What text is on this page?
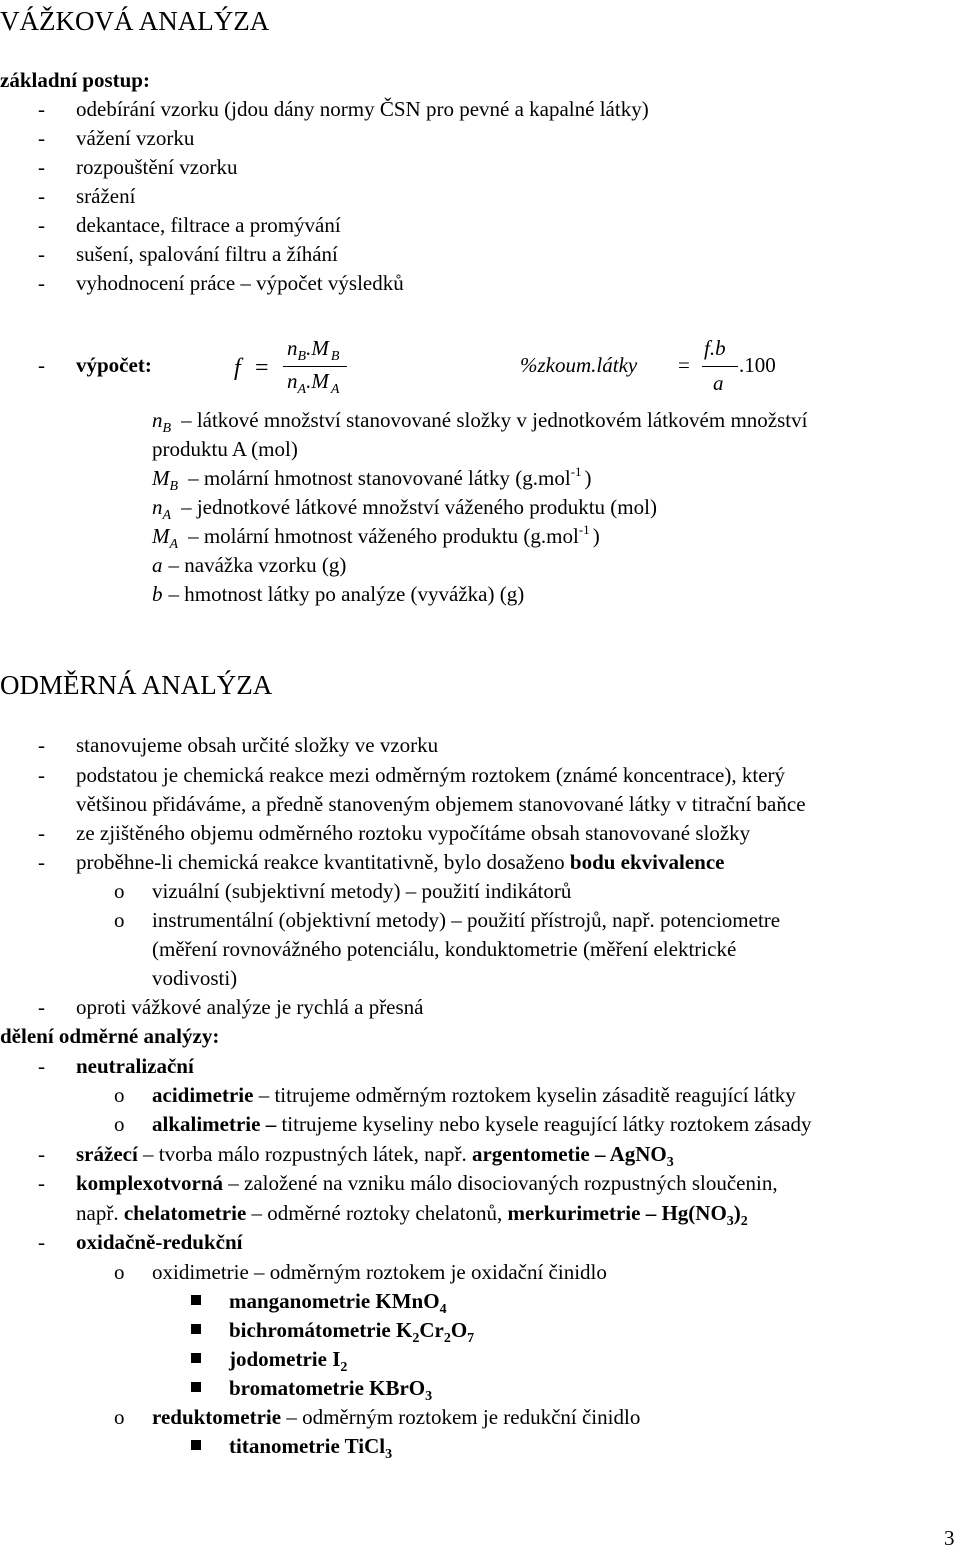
VÁŽKOVÁ ANALÝZA
základní postup:
- odebírání vzorku (jdou dány normy ČSN pro pevné a kapalné látky)
- vážení vzorku
- rozpouštění vzorku
- srážení
- dekantace, filtrace a promývání
- sušení, spalování filtru a žíhání
- vyhodnocení práce – výpočet výsledků
- výpočet:	f =
$n_B.M$ $_B$
$n_A.M$ $_A$
%zkoum.látky =
f.b
a
.100
$n_B$ – látkové množství stanovované složky v jednotkovém látkovém množství
produktu A (mol)
$M_B$ – molární hmotnost stanovované látky (g.mol$^{-1}$ )
$n_A$ – jednotkové látkové množství váženého produktu (mol)
$M_A$ – molární hmotnost váženého produktu (g.mol$^{-1}$ )
a – navážka vzorku (g)
b – hmotnost látky po analýze (vyvážka) (g)
ODMĚRNÁ ANALÝZA
- stanovujeme obsah určité složky ve vzorku
- podstatou je chemická reakce mezi odměrným roztokem (známé koncentrace), který
většinou přidáváme, a předně stanoveným objemem stanovované látky v titrační baňce
- ze zjištěného objemu odměrného roztoku vypočítáme obsah stanovované složky
- proběhne-li chemická reakce kvantitativně, bylo dosaženo bodu ekvivalence
o vizuální (subjektivní metody) – použití indikátorů
o instrumentální (objektivní metody) – použití přístrojů, např. potenciometre
(měření rovnovážného potenciálu, konduktometrie (měření elektrické
vodivosti)
- oproti vážkové analýze je rychlá a přesná
dělení odměrné analýzy:
- neutralizační
o acidimetrie – titrujeme odměrným roztokem kyselin zásaditě reagující látky
o alkalimetrie – titrujeme kyseliny nebo kysele reagující látky roztokem zásady
- srážecí – tvorba málo rozpustných látek, např. argentometie – AgNO$_3$
- komplexotvorná – založené na vzniku málo disociovaných rozpustných sloučenin,
např. chelatometrie – odměrné roztoky chelatonů, merkurimetrie – $Hg(NO_3)_2$
- oxidačně-redukční
o oxidimetrie – odměrným roztokem je oxidační činidlo
manganometrie KMnO$_4$
bichromátometrie $K_2Cr_2O_7$
jodometrie $I_2$
bromatometrie KBrO$_3$
o reduktometrie – odměrným roztokem je redukční činidlo
titanometrie TiCl$_3$
3
